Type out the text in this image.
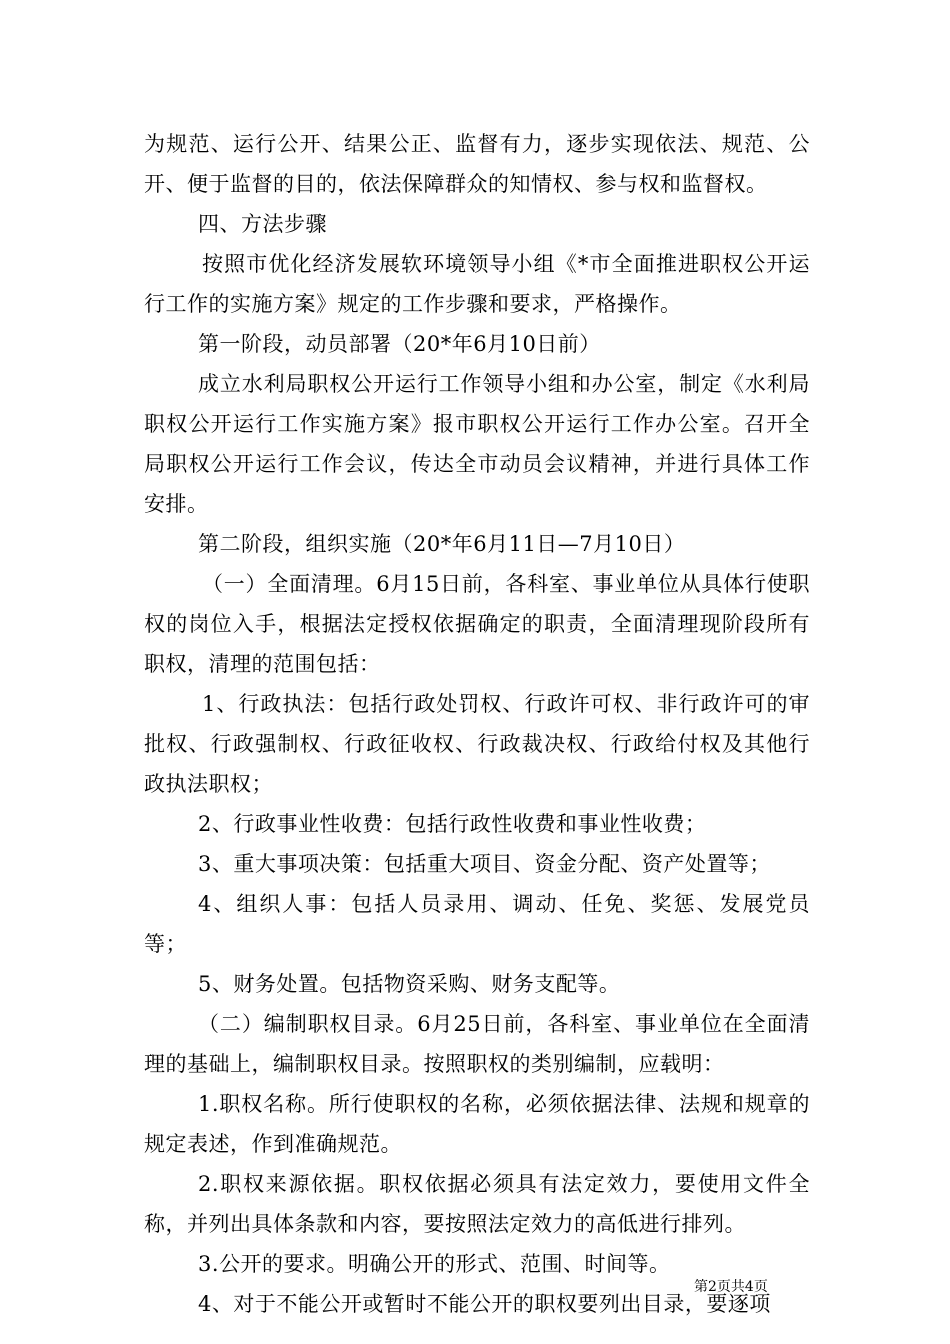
为规范、运行公开、结果公正、监督有力，逐步实现依法、规范、公开、便于监督的目的，依法保障群众的知情权、参与权和监督权。

四、方法步骤

按照市优化经济发展软环境领导小组《*市全面推进职权公开运行工作的实施方案》规定的工作步骤和要求，严格操作。

第一阶段，动员部署（20*年6月10日前）

成立水利局职权公开运行工作领导小组和办公室，制定《水利局职权公开运行工作实施方案》报市职权公开运行工作办公室。召开全局职权公开运行工作会议，传达全市动员会议精神，并进行具体工作安排。

第二阶段，组织实施（20*年6月11日—7月10日）

（一）全面清理。6月15日前，各科室、事业单位从具体行使职权的岗位入手，根据法定授权依据确定的职责，全面清理现阶段所有职权，清理的范围包括：

1、行政执法：包括行政处罚权、行政许可权、非行政许可的审批权、行政强制权、行政征收权、行政裁决权、行政给付权及其他行政执法职权；

2、行政事业性收费：包括行政性收费和事业性收费；

3、重大事项决策：包括重大项目、资金分配、资产处置等；

4、组织人事：包括人员录用、调动、任免、奖惩、发展党员等；

5、财务处置。包括物资采购、财务支配等。

（二）编制职权目录。6月25日前，各科室、事业单位在全面清理的基础上，编制职权目录。按照职权的类别编制，应载明：

1.职权名称。所行使职权的名称，必须依据法律、法规和规章的规定表述，作到准确规范。

2.职权来源依据。职权依据必须具有法定效力，要使用文件全称，并列出具体条款和内容，要按照法定效力的高低进行排列。

3.公开的要求。明确公开的形式、范围、时间等。

4、对于不能公开或暂时不能公开的职权要列出目录，要逐项

第2页共4页
